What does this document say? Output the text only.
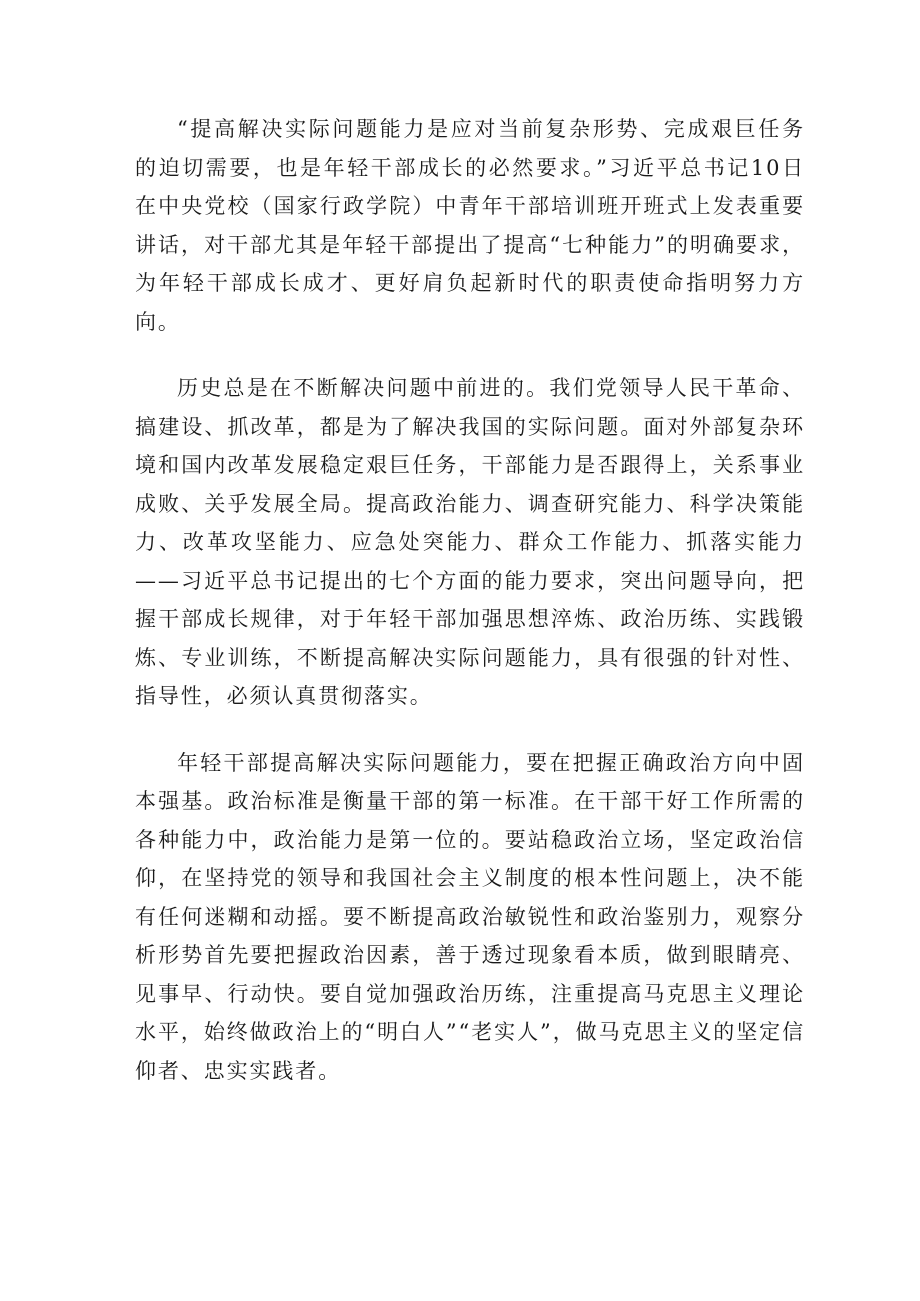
“提高解决实际问题能力是应对当前复杂形势、完成艰巨任务的迫切需要，也是年轻干部成长的必然要求。”习近平总书记10日在中央党校（国家行政学院）中青年干部培训班开班式上发表重要讲话，对干部尤其是年轻干部提出了提高“七种能力”的明确要求，为年轻干部成长成才、更好肩负起新时代的职责使命指明努力方向。

历史总是在不断解决问题中前进的。我们党领导人民干革命、搞建设、抓改革，都是为了解决我国的实际问题。面对外部复杂环境和国内改革发展稳定艰巨任务，干部能力是否跟得上，关系事业成败、关乎发展全局。提高政治能力、调查研究能力、科学决策能力、改革攻坚能力、应急处突能力、群众工作能力、抓落实能力——习近平总书记提出的七个方面的能力要求，突出问题导向，把握干部成长规律，对于年轻干部加强思想淬炼、政治历练、实践锻炼、专业训练，不断提高解决实际问题能力，具有很强的针对性、指导性，必须认真贯彻落实。

年轻干部提高解决实际问题能力，要在把握正确政治方向中固本强基。政治标准是衡量干部的第一标准。在干部干好工作所需的各种能力中，政治能力是第一位的。要站稳政治立场，坚定政治信仰，在坚持党的领导和我国社会主义制度的根本性问题上，决不能有任何迷糊和动摇。要不断提高政治敏锐性和政治鉴别力，观察分析形势首先要把握政治因素，善于透过现象看本质，做到眼睛亮、见事早、行动快。要自觉加强政治历练，注重提高马克思主义理论水平，始终做政治上的“明白人”“老实人”，做马克思主义的坚定信仰者、忠实实践者。
